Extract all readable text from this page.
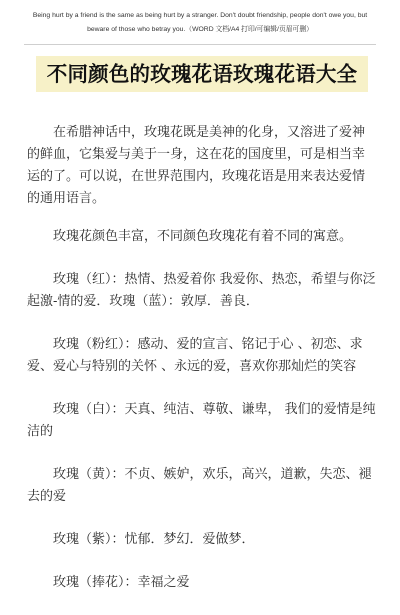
Being hurt by a friend is the same as being hurt by a stranger. Don't doubt friendship, people don't owe you, but
beware of those who betray you.（WORD 文档/A4 打印/可编辑/页眉可删）
不同颜色的玫瑰花语玫瑰花语大全

在希腊神话中，玫瑰花既是美神的化身，又溶进了爱神的鲜血，它集爱与美于一身，这在花的国度里，可是相当幸运的了。可以说，在世界范围内，玫瑰花语是用来表达爱情的通用语言。

玫瑰花颜色丰富，不同颜色玫瑰花有着不同的寓意。

玫瑰（红）：热情、热爱着你 我爱你、热恋，希望与你泛起激-情的爱．玫瑰（蓝）：敦厚．善良．

玫瑰（粉红）：感动、爱的宣言、铭记于心 、初恋、求爱、爱心与特别的关怀 、永远的爱，喜欢你那灿烂的笑容

玫瑰（白）：天真、纯洁、尊敬、谦卑， 我们的爱情是纯洁的

玫瑰（黄）：不贞、嫉妒，欢乐，高兴，道歉，失恋、褪去的爱

玫瑰（紫）：忧郁．梦幻．爱做梦．

玫瑰（捧花）：幸福之爱
